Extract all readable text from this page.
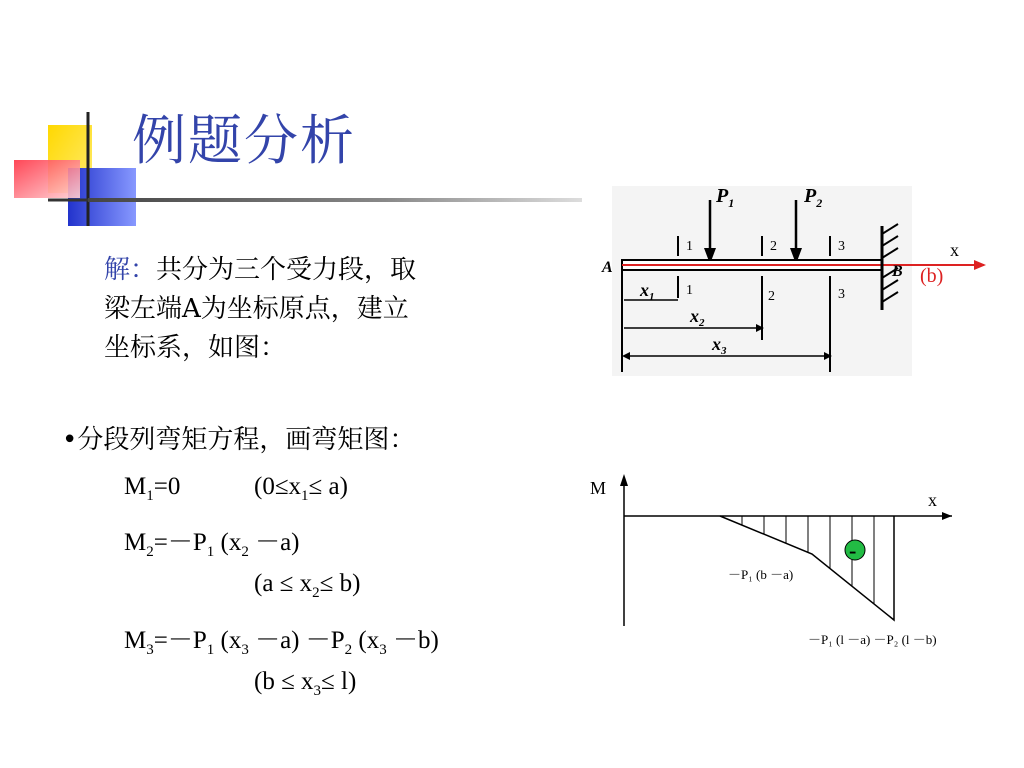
例题分析
解：共分为三个受力段，取
梁左端A为坐标原点，建立
坐标系，如图：
•分段列弯矩方程，画弯矩图：
$M_1=0$	$(0\le x_1\le a)$
$M_2=-P_1$ $(x_2 -a)$
$(a \le x_2\le b)$
$M_3=-P_1$ $(x_3 -a) -P_2$ $(x_3 -b)$
$(b \le x_3\le l)$
$P_1$	$P_2$
x
(b)
A	B
1	2	3
1	2	3
$x_1$
$x_2$
$x_3$
M
x
-
－P₁ (b －a)
－P₁ (l －a) －P₂ (l －b)
